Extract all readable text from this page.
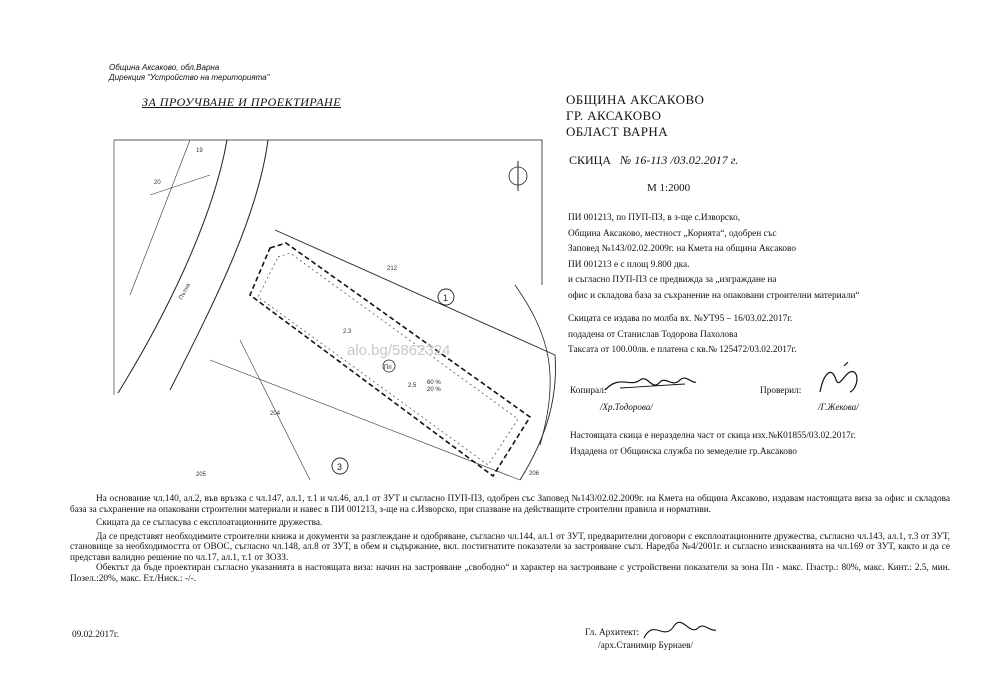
Община Аксаково, обл.Варна
Дирекция "Устройство на територията"
ЗА ПРОУЧВАНЕ И ПРОЕКТИРАНЕ	ОБЩИНА АКСАКОВО
ГР. АКСАКОВО
ОБЛАСТ ВАРНА
СКИЦА № 16-113 /03.02.2017 г.
М 1:2000
ПИ 001213, по ПУП-ПЗ, в з-ще с.Изворско,
Община Аксаково, местност „Корията“, одобрен със
Заповед №143/02.02.2009г. на Кмета на община Аксаково
ПИ 001213 е с площ 9.800 дка.
и съгласно ПУП-ПЗ се предвижда за „изграждане на
офис и складова база за съхранение на опаковани строителни материали“
Скицата се издава по молба вх. №УТ95 – 16/03.02.2017г.
подадена от Станислав Тодорова Пахолова
Таксата от 100.00лв. е платена с кв.№ 125472/03.02.2017г.
Копирал:
/Хр.Тодорова/
Проверил:
/Г.Жекова/
Настоящата скица е неразделна част от скица изх.№К01855/03.02.2017г.
Издадена от Общинска служба по земеделие гр.Аксаково
1
3
Пп
19
20
212
2.3
204
205	206
Пътна
60 %
20 %
2.5
alo.bg/5862324
На основание чл.140, ал.2, във връзка с чл.147, ал.1, т.1 и чл.46, ал.1 от ЗУТ и съгласно ПУП-ПЗ, одобрен със Заповед №143/02.02.2009г. на Кмета на община Аксаково, издавам настоящата виза за офис и складова база за съхранение на опаковани строителни материали и навес в ПИ 001213, з-ще на с.Изворско, при спазване на действащите строителни правила и нормативи.
Скицата да се съгласува с експлоатационните дружества.
Да се представят необходимите строителни книжа и документи за разглеждане и одобряване, съгласно чл.144, ал.1 от ЗУТ, предварителни договори с експлоатационните дружества, съгласно чл.143, ал.1, т.3 от ЗУТ, становище за необходимостта от ОВОС, съгласно чл.148, ал.8 от ЗУТ, в обем и съдържание, вкл. постигнатите показатели за застрояване съгл. Наредба №4/2001г. и съгласно изискванията на чл.169 от ЗУТ, както и да се представи валидно решение по чл.17, ал.1, т.1 от ЗОЗЗ.
Обектът да бъде проектиран съгласно указанията в настоящата виза: начин на застрояване „свободно“ и характер на застрояване с устройствени показатели за зона Пп - макс. Пзастр.: 80%, макс. Кинт.: 2.5, мин. Позел.:20%, макс. Ет./Ниск.: -/-.
09.02.2017г.	Гл. Архитект:
/арх.Станимир Бурнаев/
